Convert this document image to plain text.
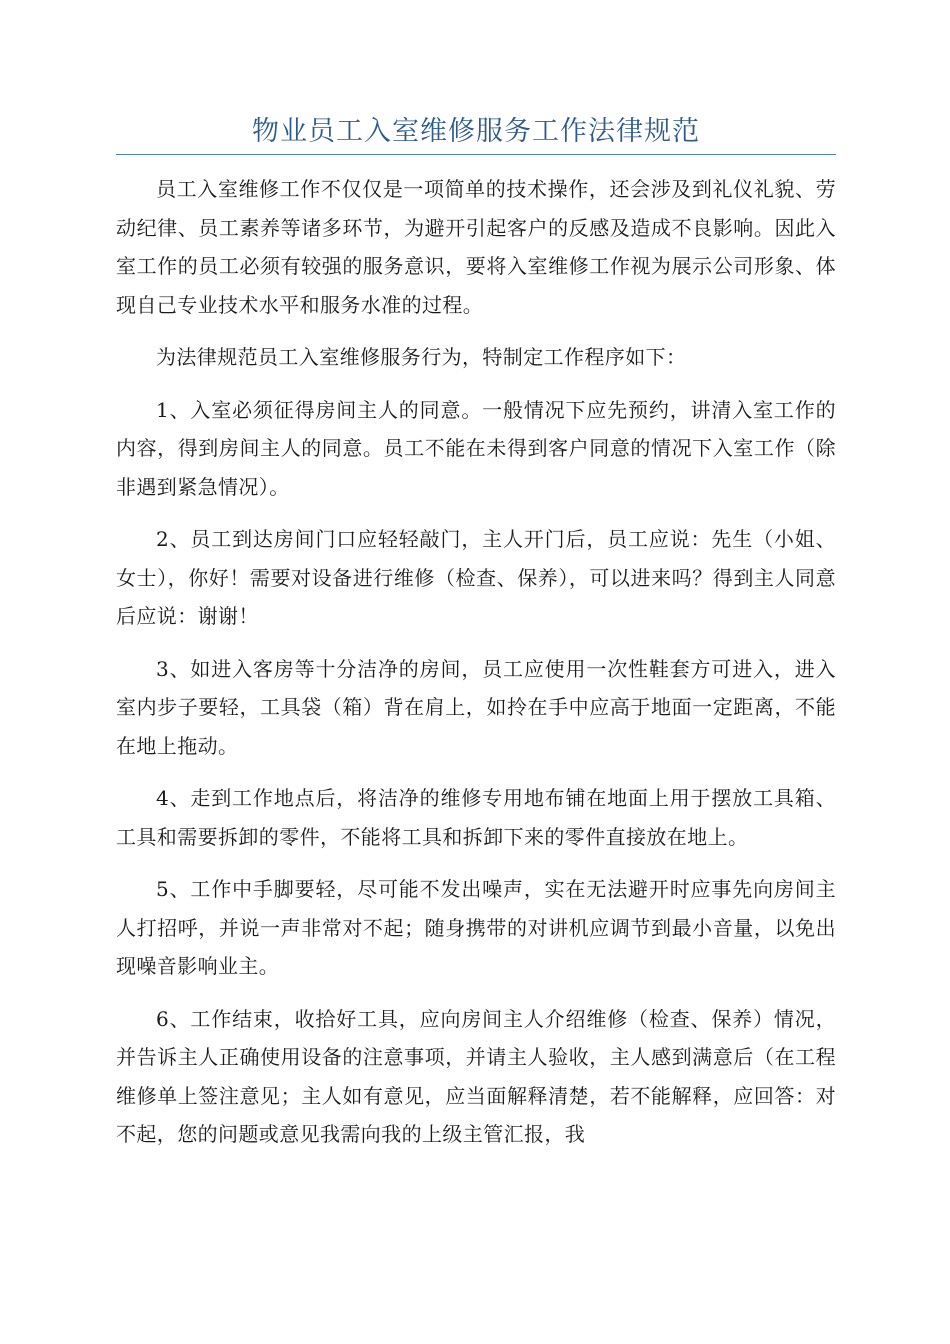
物业员工入室维修服务工作法律规范

员工入室维修工作不仅仅是一项简单的技术操作，还会涉及到礼仪礼貌、劳动纪律、员工素养等诸多环节，为避开引起客户的反感及造成不良影响。因此入室工作的员工必须有较强的服务意识，要将入室维修工作视为展示公司形象、体现自己专业技术水平和服务水准的过程。

为法律规范员工入室维修服务行为，特制定工作程序如下：

1、入室必须征得房间主人的同意。一般情况下应先预约，讲清入室工作的内容，得到房间主人的同意。员工不能在未得到客户同意的情况下入室工作（除非遇到紧急情况）。

2、员工到达房间门口应轻轻敲门，主人开门后，员工应说：先生（小姐、女士），你好！需要对设备进行维修（检查、保养），可以进来吗？得到主人同意后应说：谢谢！

3、如进入客房等十分洁净的房间，员工应使用一次性鞋套方可进入，进入室内步子要轻，工具袋（箱）背在肩上，如拎在手中应高于地面一定距离，不能在地上拖动。

4、走到工作地点后，将洁净的维修专用地布铺在地面上用于摆放工具箱、工具和需要拆卸的零件，不能将工具和拆卸下来的零件直接放在地上。

5、工作中手脚要轻，尽可能不发出噪声，实在无法避开时应事先向房间主人打招呼，并说一声非常对不起；随身携带的对讲机应调节到最小音量，以免出现噪音影响业主。

6、工作结束，收拾好工具，应向房间主人介绍维修（检查、保养）情况，并告诉主人正确使用设备的注意事项，并请主人验收，主人感到满意后（在工程维修单上签注意见；主人如有意见，应当面解释清楚，若不能解释，应回答：对不起，您的问题或意见我需向我的上级主管汇报，我
